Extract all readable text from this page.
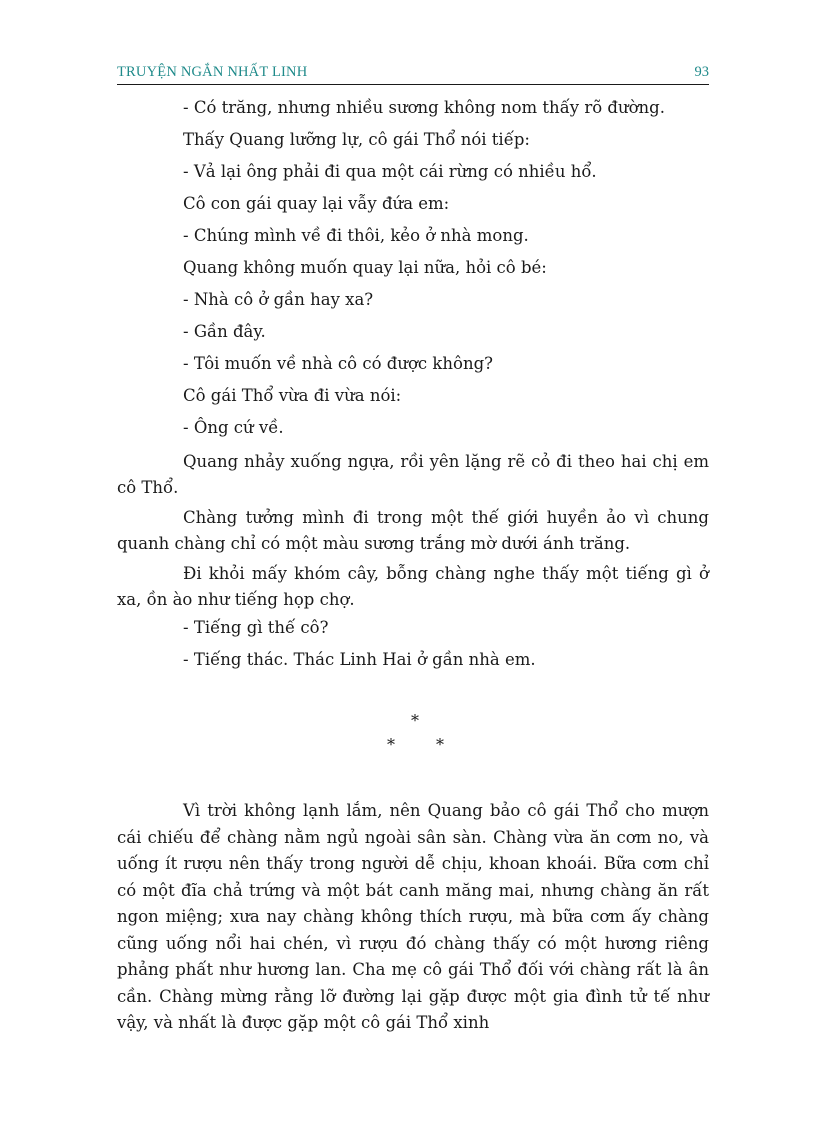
TRUYỆN NGẮN NHẤT LINH	93
- Có trăng, nhưng nhiều sương không nom thấy rõ đường.
Thấy Quang lưỡng lự, cô gái Thổ nói tiếp:
- Vả lại ông phải đi qua một cái rừng có nhiều hổ.
Cô con gái quay lại vẫy đứa em:
- Chúng mình về đi thôi, kẻo ở nhà mong.
Quang không muốn quay lại nữa, hỏi cô bé:
- Nhà cô ở gần hay xa?
- Gần đây.
- Tôi muốn về nhà cô có được không?
Cô gái Thổ vừa đi vừa nói:
- Ông cứ về.

Quang nhảy xuống ngựa, rồi yên lặng rẽ cỏ đi theo hai chị em cô Thổ.

Chàng tưởng mình đi trong một thế giới huyền ảo vì chung quanh chàng chỉ có một màu sương trắng mờ dưới ánh trăng.

Đi khỏi mấy khóm cây, bỗng chàng nghe thấy một tiếng gì ở xa, ồn ào như tiếng họp chợ.

- Tiếng gì thế cô?
- Tiếng thác. Thác Linh Hai ở gần nhà em.
*
*	*

Vì trời không lạnh lắm, nên Quang bảo cô gái Thổ cho mượn cái chiếu để chàng nằm ngủ ngoài sân sàn. Chàng vừa ăn cơm no, và uống ít rượu nên thấy trong người dễ chịu, khoan khoái. Bữa cơm chỉ có một đĩa chả trứng và một bát canh măng mai, nhưng chàng ăn rất ngon miệng; xưa nay chàng không thích rượu, mà bữa cơm ấy chàng cũng uống nổi hai chén, vì rượu đó chàng thấy có một hương riêng phảng phất như hương lan. Cha mẹ cô gái Thổ đối với chàng rất là ân cần. Chàng mừng rằng lỡ đường lại gặp được một gia đình tử tế như vậy, và nhất là được gặp một cô gái Thổ xinh
